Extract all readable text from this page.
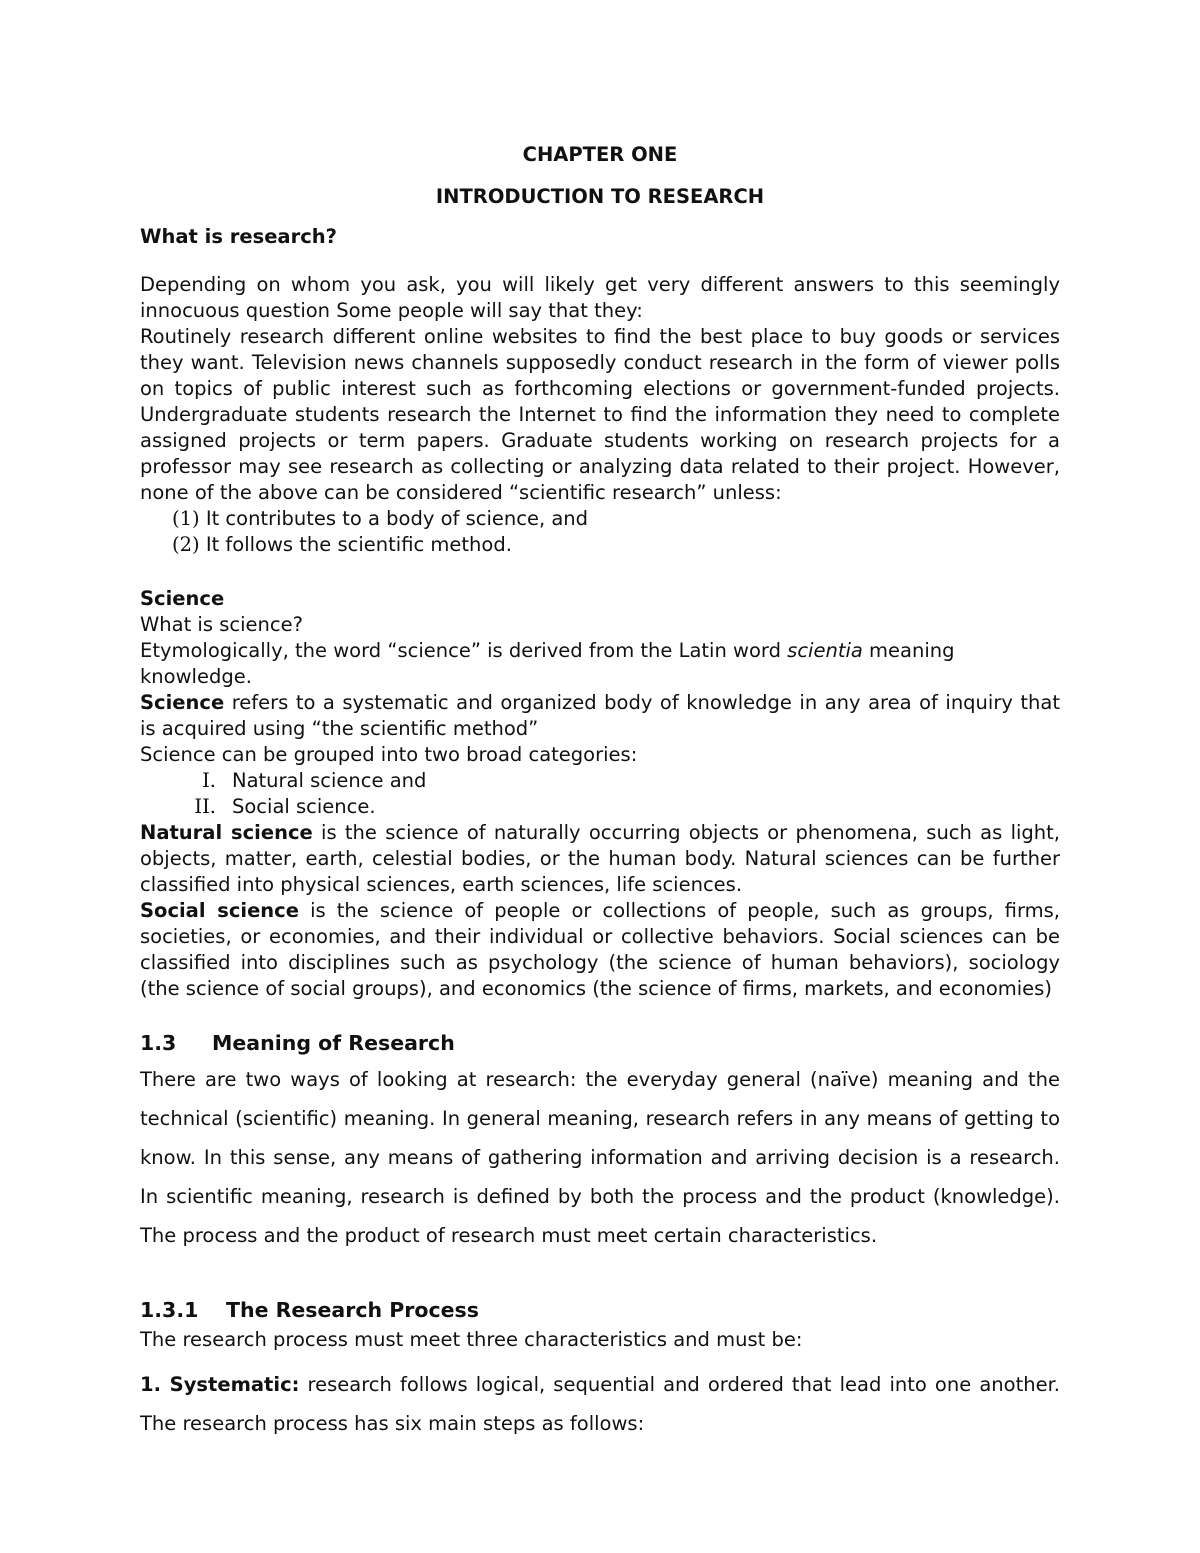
CHAPTER ONE

INTRODUCTION TO RESEARCH

What is research?

Depending on whom you ask, you will likely get very different answers to this seemingly innocuous question Some people will say that they:

Routinely research different online websites to find the best place to buy goods or services they want. Television news channels supposedly conduct research in the form of viewer polls on topics of public interest such as forthcoming elections or government-funded projects. Undergraduate students research the Internet to find the information they need to complete assigned projects or term papers. Graduate students working on research projects for a professor may see research as collecting or analyzing data related to their project. However, none of the above can be considered “scientific research” unless:

(1) It contributes to a body of science, and
(2) It follows the scientific method.

Science

What is science?

Etymologically, the word “science” is derived from the Latin word scientia meaning knowledge.

Science refers to a systematic and organized body of knowledge in any area of inquiry that is acquired using “the scientific method”

Science can be grouped into two broad categories:

I. Natural science and
II. Social science.

Natural science is the science of naturally occurring objects or phenomena, such as light, objects, matter, earth, celestial bodies, or the human body. Natural sciences can be further classified into physical sciences, earth sciences, life sciences.

Social science is the science of people or collections of people, such as groups, firms, societies, or economies, and their individual or collective behaviors. Social sciences can be classified into disciplines such as psychology (the science of human behaviors), sociology (the science of social groups), and economics (the science of firms, markets, and economies)

1.3	Meaning of Research

There are two ways of looking at research: the everyday general (naïve) meaning and the technical (scientific) meaning. In general meaning, research refers in any means of getting to know. In this sense, any means of gathering information and arriving decision is a research. In scientific meaning, research is defined by both the process and the product (knowledge). The process and the product of research must meet certain characteristics.

1.3.1	The Research Process

The research process must meet three characteristics and must be:

1. Systematic: research follows logical, sequential and ordered that lead into one another. The research process has six main steps as follows:
